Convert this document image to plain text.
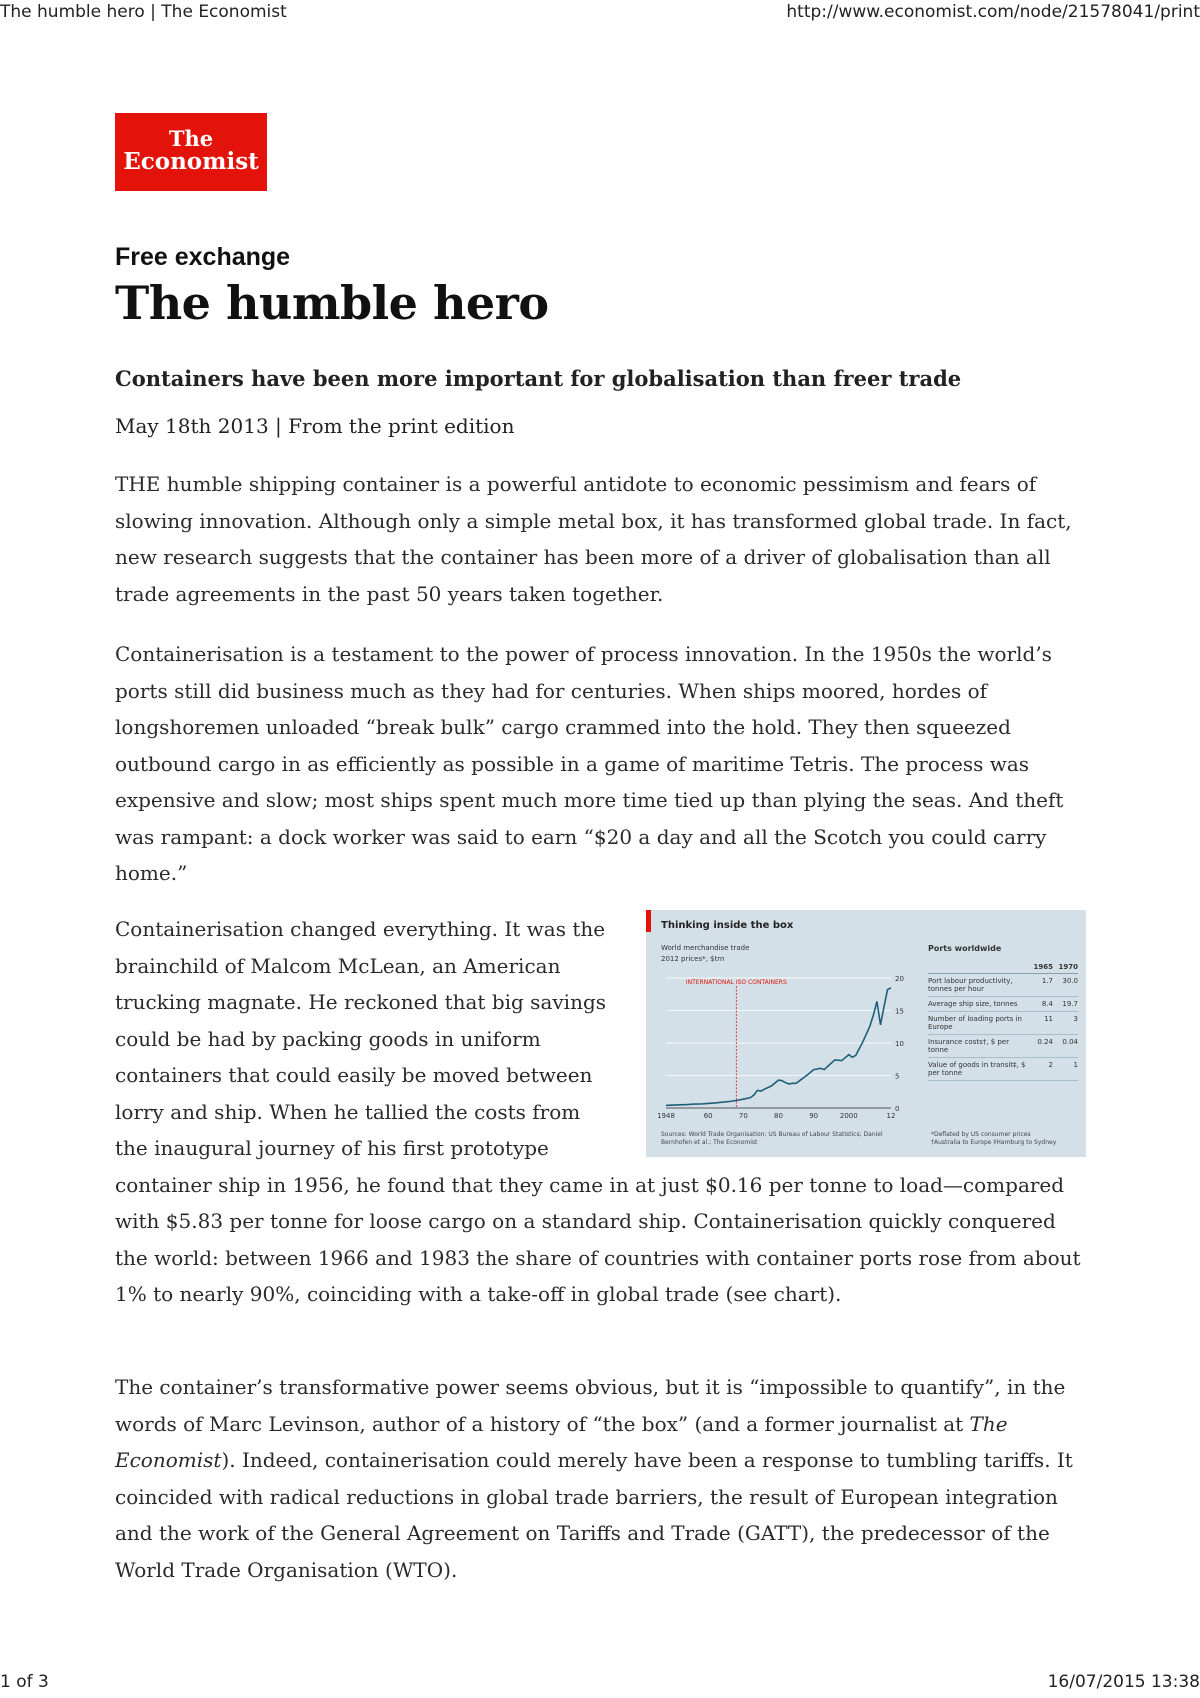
The humble hero | The Economist	http://www.economist.com/node/21578041/print
The
Economist
Free exchange
The humble hero
Containers have been more important for globalisation than freer trade
May 18th 2013 | From the print edition

THE humble shipping container is a powerful antidote to economic pessimism and fears of slowing innovation. Although only a simple metal box, it has transformed global trade. In fact, new research suggests that the container has been more of a driver of globalisation than all trade agreements in the past 50 years taken together.

Containerisation is a testament to the power of process innovation. In the 1950s the world’s ports still did business much as they had for centuries. When ships moored, hordes of longshoremen unloaded “break bulk” cargo crammed into the hold. They then squeezed outbound cargo in as efficiently as possible in a game of maritime Tetris. The process was expensive and slow; most ships spent much more time tied up than plying the seas. And theft was rampant: a dock worker was said to earn “$20 a day and all the Scotch you could carry home.”

Containerisation changed everything. It was the brainchild of Malcom McLean, an American trucking magnate. He reckoned that big savings could be had by packing goods in uniform containers that could easily be moved between lorry and ship. When he tallied the costs from the inaugural journey of his first prototype container ship in 1956, he found that they came in at just $0.16 per tonne to load—compared with $5.83 per tonne for loose cargo on a standard ship. Containerisation quickly conquered the world: between 1966 and 1983 the share of countries with container ports rose from about 1% to nearly 90%, coinciding with a take-off in global trade (see chart).

The container’s transformative power seems obvious, but it is “impossible to quantify”, in the words of Marc Levinson, author of a history of “the box” (and a former journalist at The Economist). Indeed, containerisation could merely have been a response to tumbling tariffs. It coincided with radical reductions in global trade barriers, the result of European integration and the work of the General Agreement on Tariffs and Trade (GATT), the predecessor of the World Trade Organisation (WTO).

Thinking inside the box
World merchandise trade
2012 prices*, $trn
0
5
10
15
20
1948	60	70	80	90	2000	12
INTERNATIONAL ISO CONTAINERS
Ports worldwide
1965 1970
Port labour productivity, tonnes per hour
1.7	30.0
Average ship size, tonnes	8.4	19.7
Number of loading ports in Europe
11	3
Insurance costs†, $ per tonne
0.24	0.04
Value of goods in transit‡, $ per tonne
2	1
Sources: World Trade Organisation; US Bureau of Labour Statistics; Daniel Bernhofen et al.; The Economist
*Deflated by US consumer prices
†Australia to Europe ‡Hamburg to Sydney
1 of 3	16/07/2015 13:38
